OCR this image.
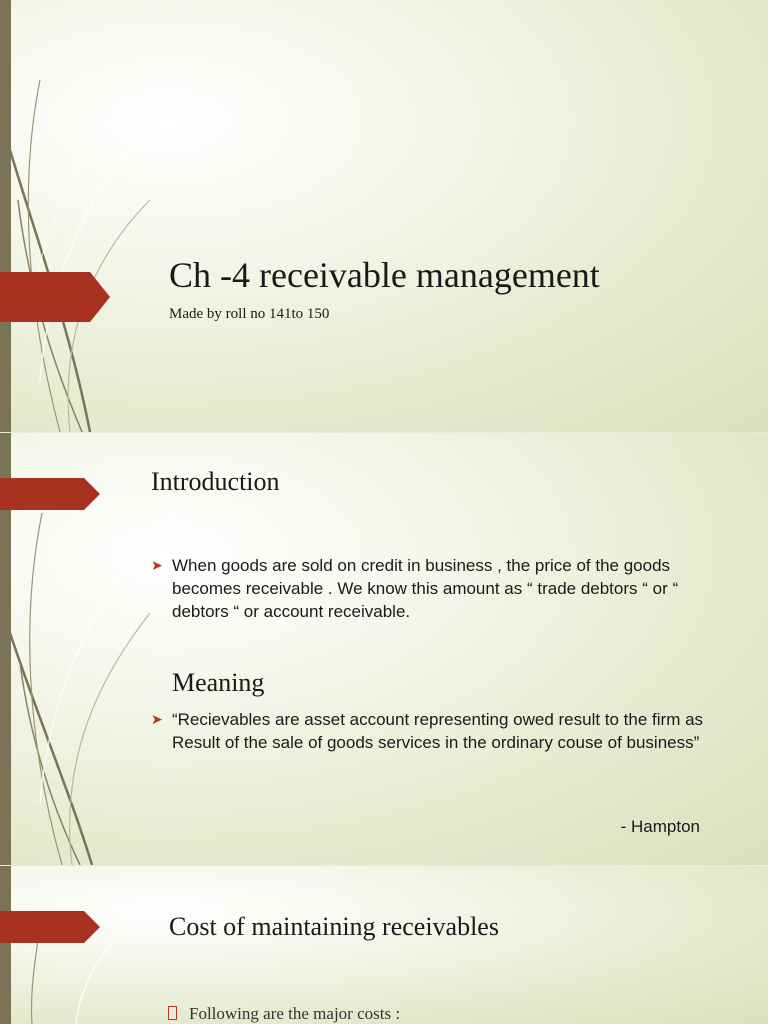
Ch -4 receivable management
Made by roll no 141to 150
Introduction
➤ When goods are sold on credit in business , the price of the goods becomes receivable . We know this amount as “ trade debtors “ or “ debtors “ or account receivable.
Meaning
➤ “Recievables are asset account representing owed result to the firm as Result of the sale of goods services in the ordinary couse of business”
- Hampton
Cost of maintaining receivables
Following are the major costs :
